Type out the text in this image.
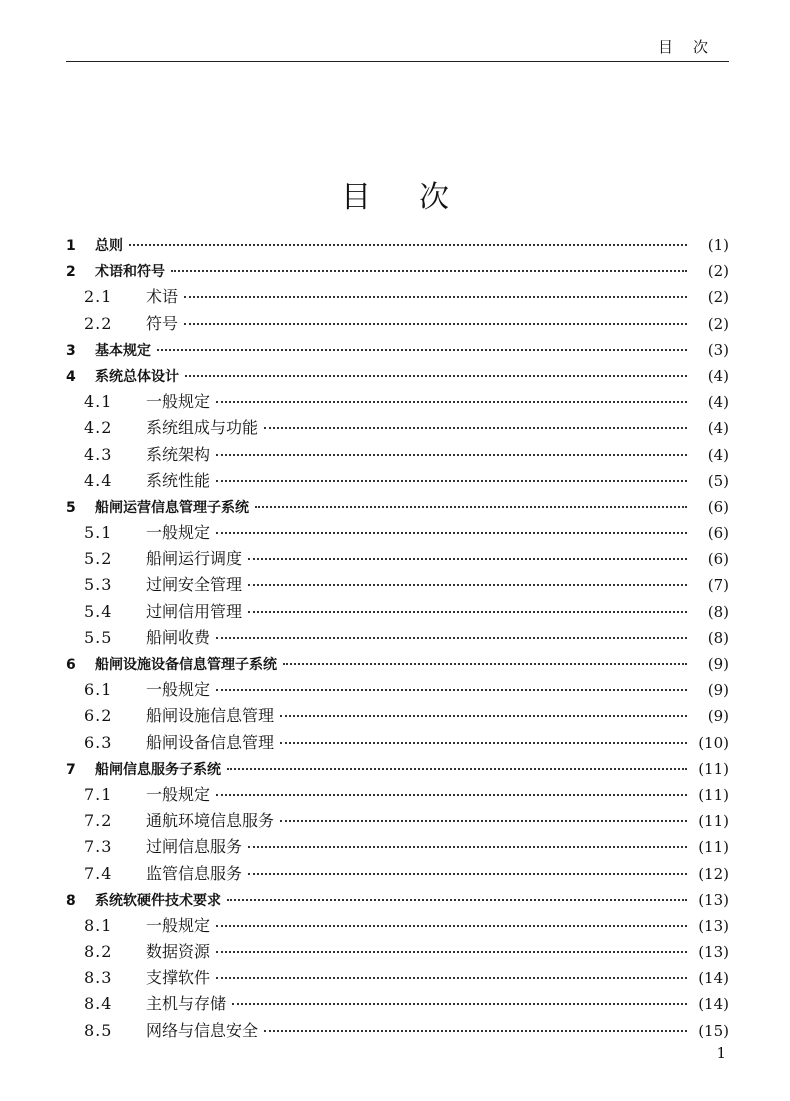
目次
目次
1	总则	(1)
2	术语和符号	(2)
2.1	术语	(2)
2.2	符号	(2)
3	基本规定	(3)
4	系统总体设计	(4)
4.1	一般规定	(4)
4.2	系统组成与功能	(4)
4.3	系统架构	(4)
4.4	系统性能	(5)
5	船闸运营信息管理子系统	(6)
5.1	一般规定	(6)
5.2	船闸运行调度	(6)
5.3	过闸安全管理	(7)
5.4	过闸信用管理	(8)
5.5	船闸收费	(8)
6	船闸设施设备信息管理子系统	(9)
6.1	一般规定	(9)
6.2	船闸设施信息管理	(9)
6.3	船闸设备信息管理	(10)
7	船闸信息服务子系统	(11)
7.1	一般规定	(11)
7.2	通航环境信息服务	(11)
7.3	过闸信息服务	(11)
7.4	监管信息服务	(12)
8	系统软硬件技术要求	(13)
8.1	一般规定	(13)
8.2	数据资源	(13)
8.3	支撑软件	(14)
8.4	主机与存储	(14)
8.5	网络与信息安全	(15)
1
